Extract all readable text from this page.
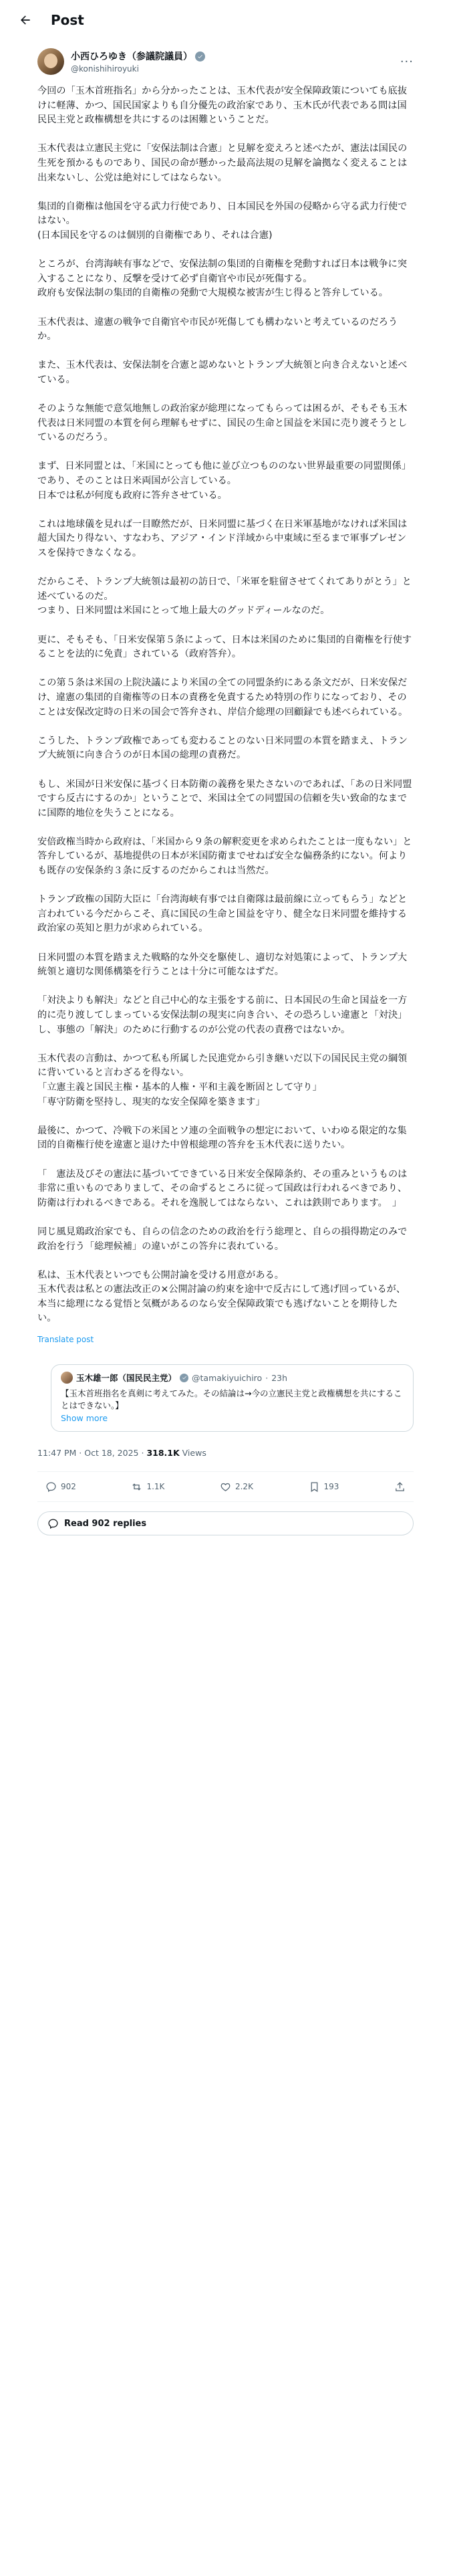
Post
小西ひろゆき（参議院議員）
@konishihiroyuki
···
今回の「玉木首班指名」から分かったことは、玉木代表が安全保障政策についても底抜けに軽薄、かつ、国民国家よりも自分優先の政治家であり、玉木氏が代表である間は国民民主党と政権構想を共にするのは困難ということだ。
玉木代表は立憲民主党に「安保法制は合憲」と見解を変えろと述べたが、憲法は国民の生死を預かるものであり、国民の命が懸かった最高法規の見解を論拠なく変えることは出来ないし、公党は絶対にしてはならない。
集団的自衛権は他国を守る武力行使であり、日本国民を外国の侵略から守る武力行使ではない。
(日本国民を守るのは個別的自衛権であり、それは合憲)
ところが、台湾海峡有事などで、安保法制の集団的自衛権を発動すれば日本は戦争に突入することになり、反撃を受けて必ず自衛官や市民が死傷する。
政府も安保法制の集団的自衛権の発動で大規模な被害が生じ得ると答弁している。
玉木代表は、違憲の戦争で自衛官や市民が死傷しても構わないと考えているのだろうか。
また、玉木代表は、安保法制を合憲と認めないとトランプ大統領と向き合えないと述べている。
そのような無能で意気地無しの政治家が総理になってもらっては困るが、そもそも玉木代表は日米同盟の本質を何ら理解もせずに、国民の生命と国益を米国に売り渡そうとしているのだろう。
まず、日米同盟とは、「米国にとっても他に並び立つもののない世界最重要の同盟関係」であり、そのことは日米両国が公言している。
日本では私が何度も政府に答弁させている。
これは地球儀を見れば一目瞭然だが、日米同盟に基づく在日米軍基地がなければ米国は超大国たり得ない、すなわち、アジア・インド洋域から中東域に至るまで軍事プレゼンスを保持できなくなる。
だからこそ、トランプ大統領は最初の訪日で、「米軍を駐留させてくれてありがとう」と述べているのだ。
つまり、日米同盟は米国にとって地上最大のグッドディールなのだ。
更に、そもそも、「日米安保第５条によって、日本は米国のために集団的自衛権を行使することを法的に免責」されている（政府答弁）。
この第５条は米国の上院決議により米国の全ての同盟条約にある条文だが、日米安保だけ、違憲の集団的自衛権等の日本の責務を免責するため特別の作りになっており、そのことは安保改定時の日米の国会で答弁され、岸信介総理の回顧録でも述べられている。
こうした、トランプ政権であっても変わることのない日米同盟の本質を踏まえ、トランプ大統領に向き合うのが日本国の総理の責務だ。
もし、米国が日米安保に基づく日本防衛の義務を果たさないのであれば、「あの日米同盟ですら反古にするのか」ということで、米国は全ての同盟国の信頼を失い致命的なまでに国際的地位を失うことになる。
安倍政権当時から政府は、「米国から９条の解釈変更を求められたことは一度もない」と答弁しているが、基地提供の日本が米国防衛までせねば安全な偏務条約にない。何よりも既存の安保条約３条に反するのだからこれは当然だ。
トランプ政権の国防大臣に「台湾海峡有事では自衛隊は最前線に立ってもらう」などと言われている今だからこそ、真に国民の生命と国益を守り、健全な日米同盟を維持する政治家の英知と胆力が求められている。
日米同盟の本質を踏まえた戦略的な外交を駆使し、適切な対処策によって、トランプ大統領と適切な関係構築を行うことは十分に可能なはずだ。
「対決よりも解決」などと自己中心的な主張をする前に、日本国民の生命と国益を一方的に売り渡してしまっている安保法制の現実に向き合い、その恐ろしい違憲と「対決」し、事態の「解決」のために行動するのが公党の代表の責務ではないか。
玉木代表の言動は、かつて私も所属した民進党から引き継いだ以下の国民民主党の綱領に背いていると言わざるを得ない。
「立憲主義と国民主権・基本的人権・平和主義を断固として守り」
「専守防衛を堅持し、現実的な安全保障を築きます」
最後に、かつて、冷戦下の米国とソ連の全面戦争の想定において、いわゆる限定的な集団的自衛権行使を違憲と退けた中曽根総理の答弁を玉木代表に送りたい。
「　憲法及びその憲法に基づいてできている日米安全保障条約、その重みというものは非常に重いものでありまして、その命ずるところに従って国政は行われるべきであり、防衛は行われるべきである。それを逸脱してはならない、これは鉄則であります。　」
同じ風見鶏政治家でも、自らの信念のための政治を行う総理と、自らの損得勘定のみで政治を行う「総理候補」の違いがこの答弁に表れている。
私は、玉木代表といつでも公開討論を受ける用意がある。
玉木代表は私との憲法改正の×公開討論の約束を途中で反古にして逃げ回っているが、本当に総理になる覚悟と気概があるのなら安全保障政策でも逃げないことを期待したい。
Translate post
玉木雄一郎（国民民主党） @tamakiyuichiro · 23h
【玉木首班指名を真剣に考えてみた。その結論は→今の立憲民主党と政権構想を共にすることはできない。】
Show more
11:47 PM · Oct 18, 2025 · 318.1K Views
902	1.1K	2.2K	193
Read 902 replies
